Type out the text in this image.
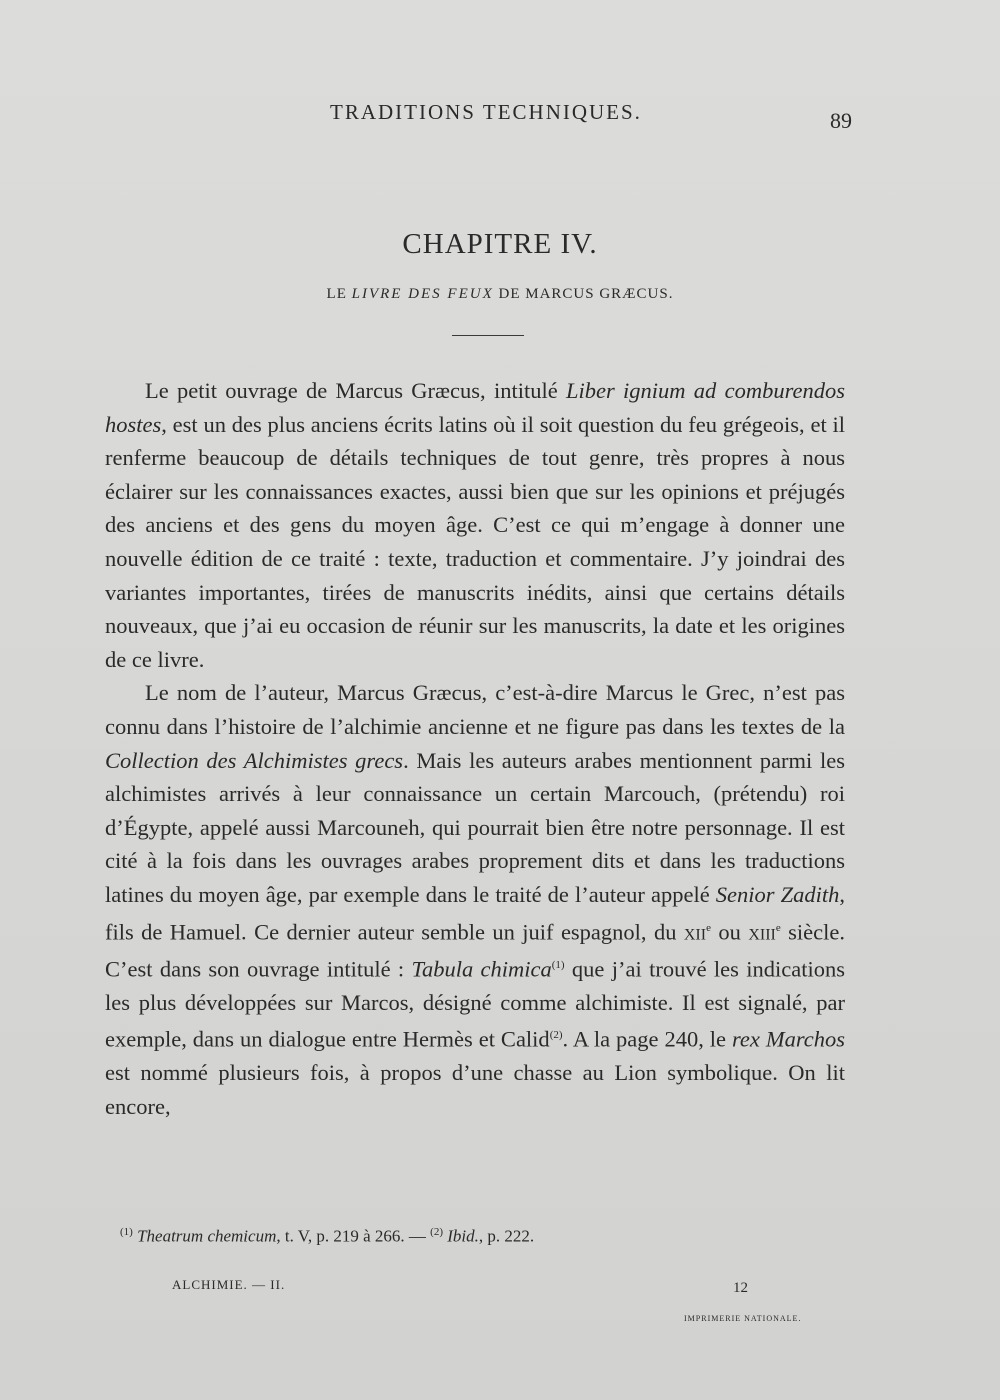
TRADITIONS TECHNIQUES.	89
CHAPITRE IV.
LE LIVRE DES FEUX DE MARCUS GRÆCUS.

Le petit ouvrage de Marcus Græcus, intitulé Liber ignium ad comburendos hostes, est un des plus anciens écrits latins où il soit question du feu grégeois, et il renferme beaucoup de détails techniques de tout genre, très propres à nous éclairer sur les connaissances exactes, aussi bien que sur les opinions et préjugés des anciens et des gens du moyen âge. C’est ce qui m’engage à donner une nouvelle édition de ce traité : texte, traduction et commentaire. J’y joindrai des variantes importantes, tirées de manuscrits inédits, ainsi que certains détails nouveaux, que j’ai eu occasion de réunir sur les manuscrits, la date et les origines de ce livre.

Le nom de l’auteur, Marcus Græcus, c’est-à-dire Marcus le Grec, n’est pas connu dans l’histoire de l’alchimie ancienne et ne figure pas dans les textes de la Collection des Alchimistes grecs. Mais les auteurs arabes mentionnent parmi les alchimistes arrivés à leur connaissance un certain Marcouch, (prétendu) roi d’Égypte, appelé aussi Marcouneh, qui pourrait bien être notre personnage. Il est cité à la fois dans les ouvrages arabes proprement dits et dans les traductions latines du moyen âge, par exemple dans le traité de l’auteur appelé Senior Zadith, fils de Hamuel. Ce dernier auteur semble un juif espagnol, du xii$^e$ ou xiii$^e$ siècle. C’est dans son ouvrage intitulé : Tabula chimica$^{(1)}$ que j’ai trouvé les indications les plus développées sur Marcos, désigné comme alchimiste. Il est signalé, par exemple, dans un dialogue entre Hermès et Calid$^{(2)}$. A la page 240, le rex Marchos est nommé plusieurs fois, à propos d’une chasse au Lion symbolique. On lit encore,

$^{(1)}$ Theatrum chemicum, t. V, p. 219 à 266. — $^{(2)}$ Ibid., p. 222.
ALCHIMIE. — II.	12
IMPRIMERIE NATIONALE.
